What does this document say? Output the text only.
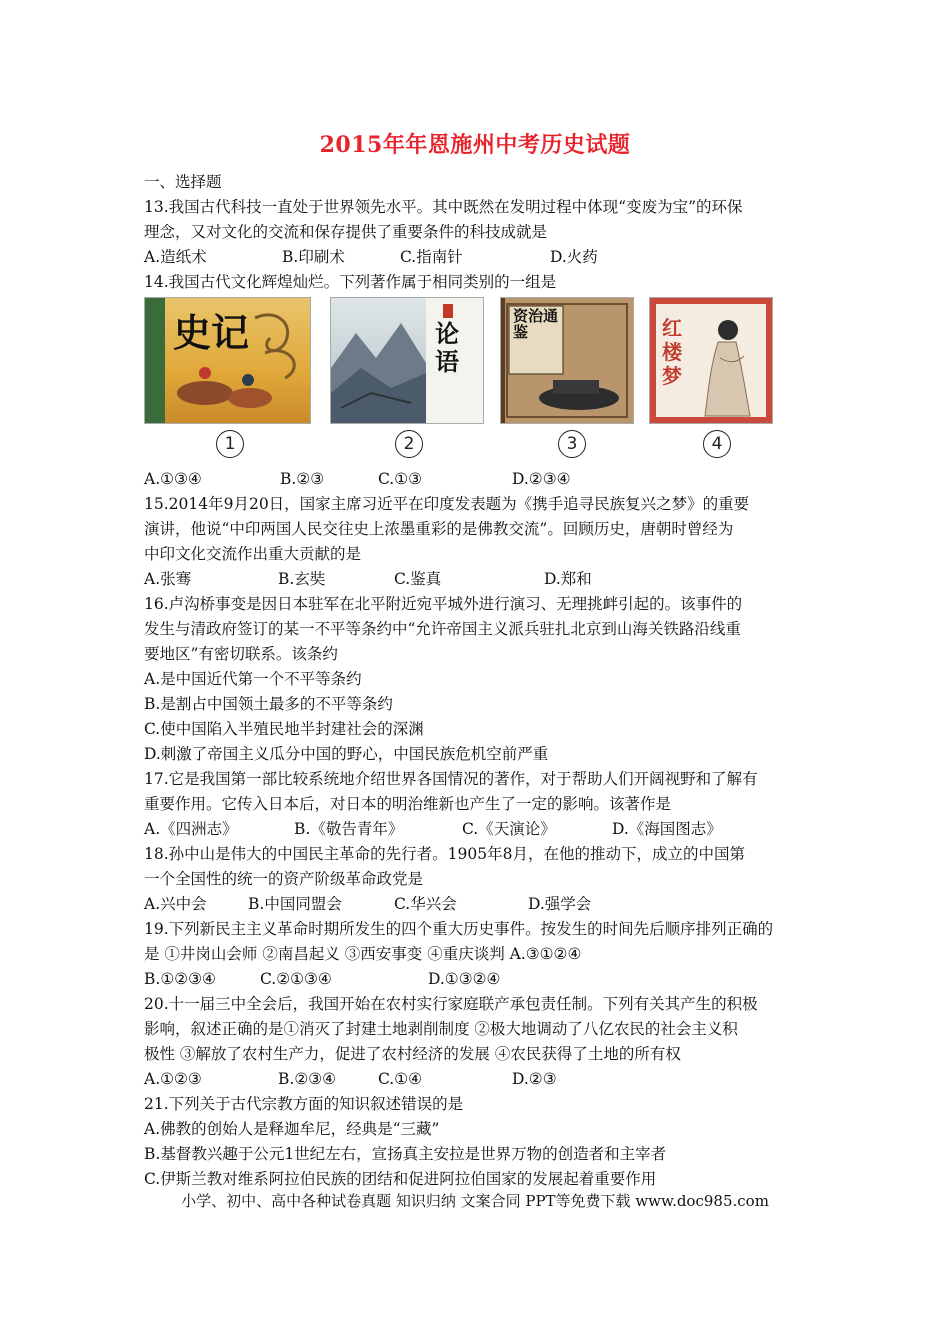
2015年年恩施州中考历史试题
一、选择题
13.我国古代科技一直处于世界领先水平。其中既然在发明过程中体现“变废为宝”的环保
理念，又对文化的交流和保存提供了重要条件的科技成就是
A.造纸术	B.印刷术	C.指南针	D.火药
14.我国古代文化辉煌灿烂。下列著作属于相同类别的一组是
史记
1
论语
2
资治通鉴
3
红楼梦
4
A.①③④	B.②③	C.①③	D.②③④
15.2014年9月20日，国家主席习近平在印度发表题为《携手追寻民族复兴之梦》的重要
演讲，他说“中印两国人民交往史上浓墨重彩的是佛教交流”。回顾历史，唐朝时曾经为
中印文化交流作出重大贡献的是
A.张骞	B.玄奘	C.鉴真	D.郑和
16.卢沟桥事变是因日本驻军在北平附近宛平城外进行演习、无理挑衅引起的。该事件的
发生与清政府签订的某一不平等条约中“允许帝国主义派兵驻扎北京到山海关铁路沿线重
要地区”有密切联系。该条约
A.是中国近代第一个不平等条约
B.是割占中国领土最多的不平等条约
C.使中国陷入半殖民地半封建社会的深渊
D.刺激了帝国主义瓜分中国的野心，中国民族危机空前严重
17.它是我国第一部比较系统地介绍世界各国情况的著作，对于帮助人们开阔视野和了解有
重要作用。它传入日本后，对日本的明治维新也产生了一定的影响。该著作是
A.《四洲志》	B.《敬告青年》	C.《天演论》	D.《海国图志》
18.孙中山是伟大的中国民主革命的先行者。1905年8月，在他的推动下，成立的中国第
一个全国性的统一的资产阶级革命政党是
A.兴中会	B.中国同盟会	C.华兴会	D.强学会
19.下列新民主主义革命时期所发生的四个重大历史事件。按发生的时间先后顺序排列正确的
是 ①井岗山会师 ②南昌起义 ③西安事变 ④重庆谈判 A.③①②④
B.①②③④	C.②①③④	D.①③②④
20.十一届三中全会后，我国开始在农村实行家庭联产承包责任制。下列有关其产生的积极
影响，叙述正确的是①消灭了封建土地剥削制度 ②极大地调动了八亿农民的社会主义积
极性 ③解放了农村生产力，促进了农村经济的发展 ④农民获得了土地的所有权
A.①②③	B.②③④	C.①④	D.②③
21.下列关于古代宗教方面的知识叙述错误的是
A.佛教的创始人是释迦牟尼，经典是“三藏”
B.基督教兴趣于公元1世纪左右，宣扬真主安拉是世界万物的创造者和主宰者
C.伊斯兰教对维系阿拉伯民族的团结和促进阿拉伯国家的发展起着重要作用
小学、初中、高中各种试卷真题 知识归纳 文案合同 PPT等免费下载 www.doc985.com
